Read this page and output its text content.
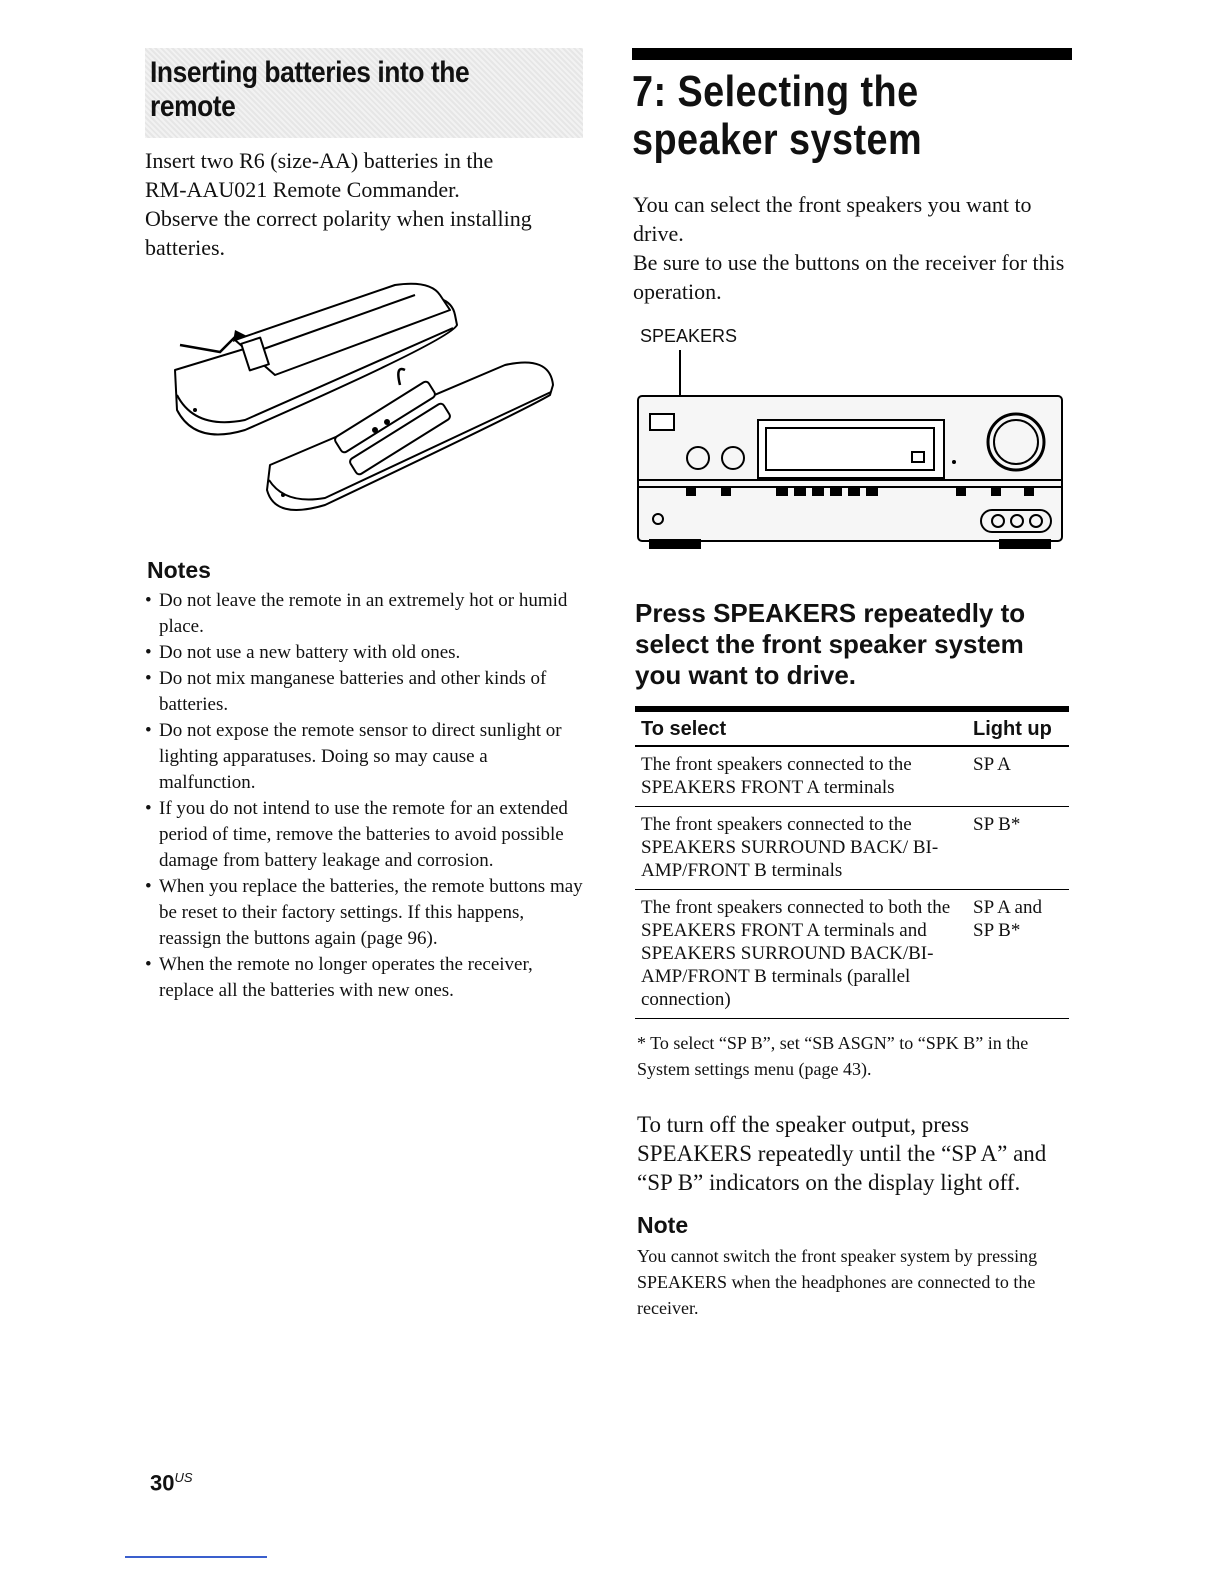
Inserting batteries into the remote
Insert two R6 (size-AA) batteries in the
RM-AAU021 Remote Commander.
Observe the correct polarity when installing
batteries.
Notes
• Do not leave the remote in an extremely hot or humid place.
• Do not use a new battery with old ones.
• Do not mix manganese batteries and other kinds of batteries.
• Do not expose the remote sensor to direct sunlight or lighting apparatuses. Doing so may cause a malfunction.
• If you do not intend to use the remote for an extended period of time, remove the batteries to avoid possible damage from battery leakage and corrosion.
• When you replace the batteries, the remote buttons may be reset to their factory settings. If this happens, reassign the buttons again (page 96).
• When the remote no longer operates the receiver, replace all the batteries with new ones.
7: Selecting the speaker system
You can select the front speakers you want to drive.
Be sure to use the buttons on the receiver for this operation.
SPEAKERS
Press SPEAKERS repeatedly to select the front speaker system you want to drive.
To select	Light up
The front speakers connected to the SPEAKERS FRONT A terminals	SP A
The front speakers connected to the SPEAKERS SURROUND BACK/ BI-AMP/FRONT B terminals	SP B*
The front speakers connected to both the SPEAKERS FRONT A terminals and SPEAKERS SURROUND BACK/BI-AMP/FRONT B terminals (parallel connection)	SP A and SP B*
* To select “SP B”, set “SB ASGN” to “SPK B” in the System settings menu (page 43).
To turn off the speaker output, press SPEAKERS repeatedly until the “SP A” and “SP B” indicators on the display light off.
Note
You cannot switch the front speaker system by pressing SPEAKERS when the headphones are connected to the receiver.
$30^{US}$
